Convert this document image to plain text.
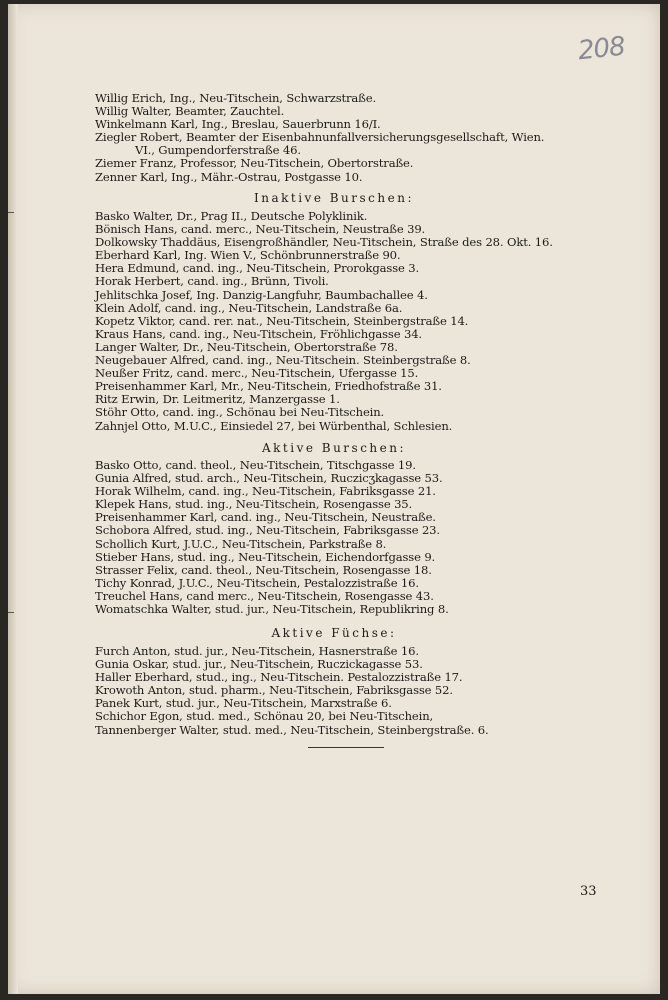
208
Willig Erich, Ing., Neu-Titschein, Schwarzstraße.
Willig Walter, Beamter, Zauchtel.
Winkelmann Karl, Ing., Breslau, Sauerbrunn 16/I.
Ziegler Robert, Beamter der Eisenbahnunfallversicherungsgesellschaft, Wien.
VI., Gumpendorferstraße 46.
Ziemer Franz, Professor, Neu-Titschein, Obertorstraße.
Zenner Karl, Ing., Mähr.-Ostrau, Postgasse 10.
Inaktive Burschen:
Basko Walter, Dr., Prag II., Deutsche Polyklinik.
Bönisch Hans, cand. merc., Neu-Titschein, Neustraße 39.
Dolkowsky Thaddäus, Eisengroßhändler, Neu-Titschein, Straße des 28. Okt. 16.
Eberhard Karl, Ing. Wien V., Schönbrunnerstraße 90.
Hera Edmund, cand. ing., Neu-Titschein, Prorokgasse 3.
Horak Herbert, cand. ing., Brünn, Tivoli.
Jehlitschka Josef, Ing. Danzig-Langfuhr, Baumbachallee 4.
Klein Adolf, cand. ing., Neu-Titschein, Landstraße 6a.
Kopetz Viktor, cand. rer. nat., Neu-Titschein, Steinbergstraße 14.
Kraus Hans, cand. ing., Neu-Titschein, Fröhlichgasse 34.
Langer Walter, Dr., Neu-Titschein, Obertorstraße 78.
Neugebauer Alfred, cand. ing., Neu-Titschein. Steinbergstraße 8.
Neußer Fritz, cand. merc., Neu-Titschein, Ufergasse 15.
Preisenhammer Karl, Mr., Neu-Titschein, Friedhofstraße 31.
Ritz Erwin, Dr. Leitmeritz, Manzergasse 1.
Stöhr Otto, cand. ing., Schönau bei Neu-Titschein.
Zahnjel Otto, M.U.C., Einsiedel 27, bei Würbenthal, Schlesien.
Aktive Burschen:
Basko Otto, cand. theol., Neu-Titschein, Titschgasse 19.
Gunia Alfred, stud. arch., Neu-Titschein, Ruczicʒkagasse 53.
Horak Wilhelm, cand. ing., Neu-Titschein, Fabriksgasse 21.
Klepek Hans, stud. ing., Neu-Titschein, Rosengasse 35.
Preisenhammer Karl, cand. ing., Neu-Titschein, Neustraße.
Schobora Alfred, stud. ing., Neu-Titschein, Fabriksgasse 23.
Schollich Kurt, J.U.C., Neu-Titschein, Parkstraße 8.
Stieber Hans, stud. ing., Neu-Titschein, Eichendorfgasse 9.
Strasser Felix, cand. theol., Neu-Titschein, Rosengasse 18.
Tichy Konrad, J.U.C., Neu-Titschein, Pestalozzistraße 16.
Treuchel Hans, cand merc., Neu-Titschein, Rosengasse 43.
Womatschka Walter, stud. jur., Neu-Titschein, Republikring 8.
Aktive Füchse:
Furch Anton, stud. jur., Neu-Titschein, Hasnerstraße 16.
Gunia Oskar, stud. jur., Neu-Titschein, Ruczickagasse 53.
Haller Eberhard, stud., ing., Neu-Titschein. Pestalozzistraße 17.
Krowoth Anton, stud. pharm., Neu-Titschein, Fabriksgasse 52.
Panek Kurt, stud. jur., Neu-Titschein, Marxstraße 6.
Schichor Egon, stud. med., Schönau 20, bei Neu-Titschein,
Tannenberger Walter, stud. med., Neu-Titschein, Steinbergstraße. 6.
33
